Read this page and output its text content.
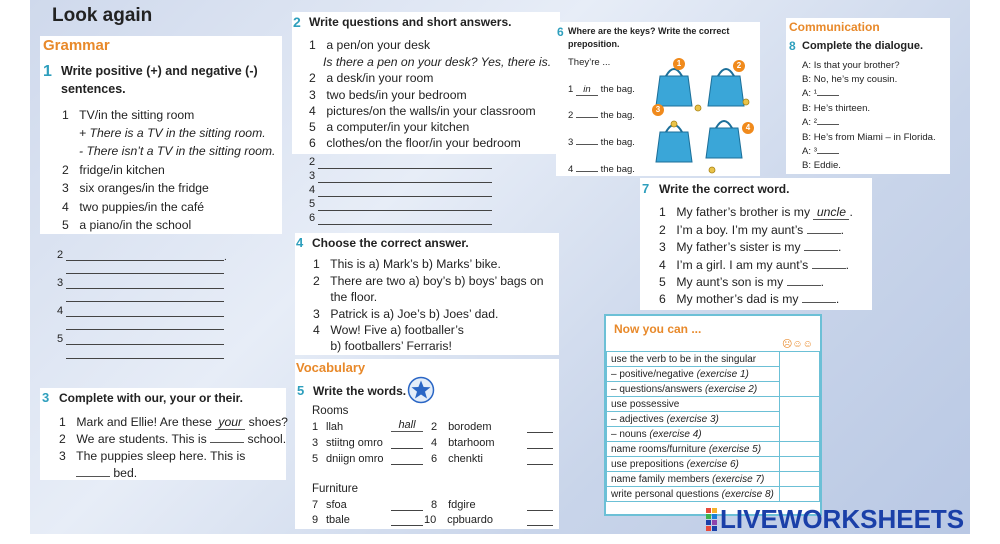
Look again
Grammar
1 Write positive (+) and negative (-)
sentences.
1 TV/in the sitting room
+ There is a TV in the sitting room.
- There isn’t a TV in the sitting room.
2 fridge/in kitchen
3 six oranges/in the fridge
4 two puppies/in the café
5 a piano/in the school
2	.
3
4
5
3 Complete with our, your or their.
1 Mark and Ellie! Are these your shoes?
2 We are students. This is	school.
3 The puppies sleep here. This is
bed.
2 Write questions and short answers.
1 a pen/on your desk
Is there a pen on your desk? Yes, there is.
2 a desk/in your room
3 two beds/in your bedroom
4 pictures/on the walls/in your classroom
5 a computer/in your kitchen
6 clothes/on the floor/in your bedroom
2
3
4
5
6
4 Choose the correct answer.
1 This is a) Mark’s b) Marks’ bike.
2 There are two a) boy’s b) boys’ bags on
the floor.
3 Patrick is a) Joe’s b) Joes’ dad.
4 Wow! Five a) footballer’s
b) footballers’ Ferraris!
Vocabulary
5 Write the words.
Rooms
1 llah	hall	2 borodem
3 stiitng omro	4 btarhoom
5 dniign omro	6 chenkti
Furniture
7 sfoa	8 fdgire
9 tbale	10 cpbuardo
6 Where are the keys? Write the correct
preposition.
They’re ...
1 in the bag.
2	the bag.
3	the bag.
4	the bag.
1	2
3
4
Communication
8 Complete the dialogue.
A: Is that your brother?
B: No, he’s my cousin.
A: ¹
B: He’s thirteen.
A: ²
B: He’s from Miami – in Florida.
A: ³
B: Eddie.
7 Write the correct word.
1 My father’s brother is my uncle .
2 I’m a boy. I’m my aunt’s	.
3 My father’s sister is my	.
4 I’m a girl. I am my aunt’s	.
5 My aunt’s son is my	.
6 My mother’s dad is my	.
Now you can ...
☹☺☺
use the verb to be in the singular	
– positive/negative (exercise 1)	
– questions/answers (exercise 2)	
use possessive	
– adjectives (exercise 3)	
– nouns (exercise 4)	
name rooms/furniture (exercise 5)	
use prepositions (exercise 6)	
name family members (exercise 7)	
write personal questions (exercise 8)	
LIVEWORKSHEETS
